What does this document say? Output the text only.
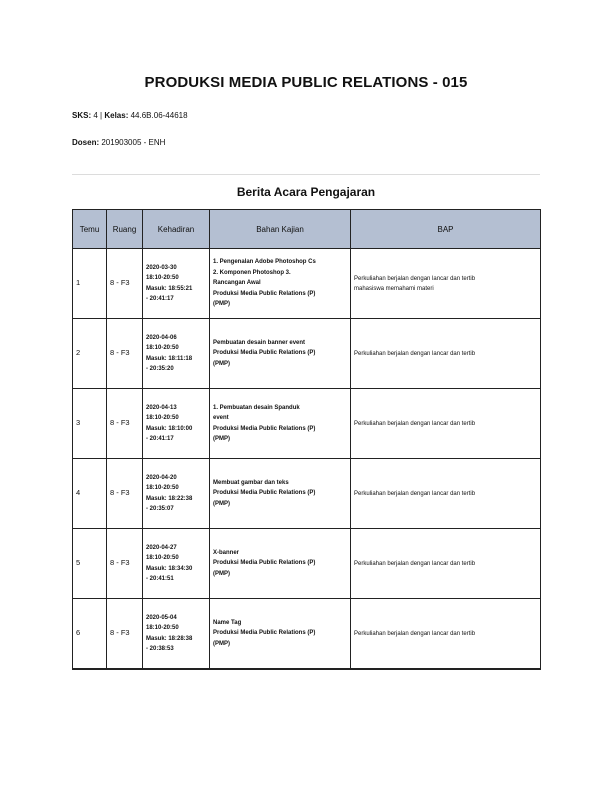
PRODUKSI MEDIA PUBLIC RELATIONS - 015
SKS: 4 | Kelas: 44.6B.06-44618
Dosen: 201903005 - ENH
Berita Acara Pengajaran
Temu	Ruang	Kehadiran	Bahan Kajian	BAP
1	8 - F3	2020-03-30
18:10-20:50
Masuk: 18:55:21
- 20:41:17	1. Pengenalan Adobe Photoshop Cs
2. Komponen Photoshop 3.
Rancangan Awal
Produksi Media Public Relations (P)
(PMP)	Perkuliahan berjalan dengan lancar dan tertib
mahasiswa memahami materi

2	8 - F3	2020-04-06
18:10-20:50
Masuk: 18:11:18
- 20:35:20	Pembuatan desain banner event
Produksi Media Public Relations (P)
(PMP)	Perkuliahan berjalan dengan lancar dan tertib

3	8 - F3	2020-04-13
18:10-20:50
Masuk: 18:10:00
- 20:41:17	1. Pembuatan desain Spanduk
event
Produksi Media Public Relations (P)
(PMP)	Perkuliahan berjalan dengan lancar dan tertib

4	8 - F3	2020-04-20
18:10-20:50
Masuk: 18:22:38
- 20:35:07	Membuat gambar dan teks
Produksi Media Public Relations (P)
(PMP)	Perkuliahan berjalan dengan lancar dan tertib

5	8 - F3	2020-04-27
18:10-20:50
Masuk: 18:34:30
- 20:41:51	X-banner
Produksi Media Public Relations (P)
(PMP)	Perkuliahan berjalan dengan lancar dan tertib

6	8 - F3	2020-05-04
18:10-20:50
Masuk: 18:28:38
- 20:38:53	Name Tag
Produksi Media Public Relations (P)
(PMP)	Perkuliahan berjalan dengan lancar dan tertib
